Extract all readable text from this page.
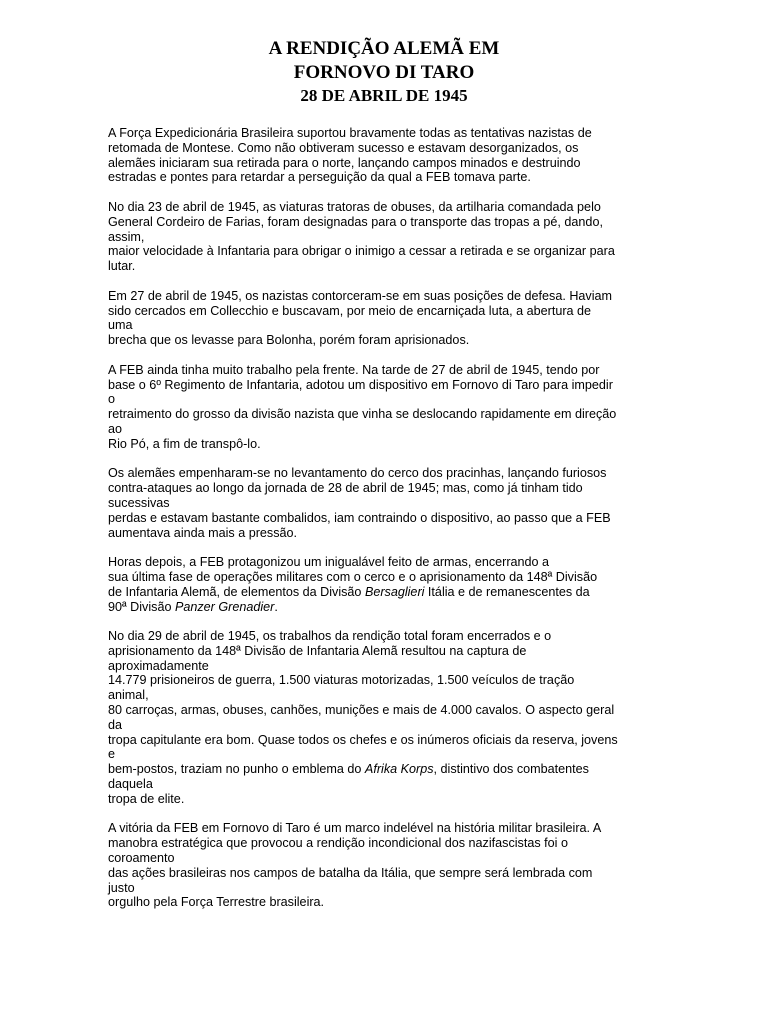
A RENDIÇÃO ALEMÃ EM
FORNOVO DI TARO
28 DE ABRIL DE 1945

A Força Expedicionária Brasileira suportou bravamente todas as tentativas nazistas de
retomada de Montese. Como não obtiveram sucesso e estavam desorganizados, os
alemães iniciaram sua retirada para o norte, lançando campos minados e destruindo
estradas e pontes para retardar a perseguição da qual a FEB tomava parte.

No dia 23 de abril de 1945, as viaturas tratoras de obuses, da artilharia comandada pelo
General Cordeiro de Farias, foram designadas para o transporte das tropas a pé, dando,
assim,
maior velocidade à Infantaria para obrigar o inimigo a cessar a retirada e se organizar para
lutar.

Em 27 de abril de 1945, os nazistas contorceram-se em suas posições de defesa. Haviam
sido cercados em Collecchio e buscavam, por meio de encarniçada luta, a abertura de
uma
brecha que os levasse para Bolonha, porém foram aprisionados.

A FEB ainda tinha muito trabalho pela frente. Na tarde de 27 de abril de 1945, tendo por
base o 6º Regimento de Infantaria, adotou um dispositivo em Fornovo di Taro para impedir
o
retraimento do grosso da divisão nazista que vinha se deslocando rapidamente em direção
ao
Rio Pó, a fim de transpô-lo.

Os alemães empenharam-se no levantamento do cerco dos pracinhas, lançando furiosos
contra-ataques ao longo da jornada de 28 de abril de 1945; mas, como já tinham tido
sucessivas
perdas e estavam bastante combalidos, iam contraindo o dispositivo, ao passo que a FEB
aumentava ainda mais a pressão.

Horas depois, a FEB protagonizou um inigualável feito de armas, encerrando a
sua última fase de operações militares com o cerco e o aprisionamento da 148ª Divisão
de Infantaria Alemã, de elementos da Divisão Bersaglieri Itália e de remanescentes da
90ª Divisão Panzer Grenadier.

No dia 29 de abril de 1945, os trabalhos da rendição total foram encerrados e o
aprisionamento da 148ª Divisão de Infantaria Alemã resultou na captura de
aproximadamente
14.779 prisioneiros de guerra, 1.500 viaturas motorizadas, 1.500 veículos de tração
animal,
80 carroças, armas, obuses, canhões, munições e mais de 4.000 cavalos. O aspecto geral
da
tropa capitulante era bom. Quase todos os chefes e os inúmeros oficiais da reserva, jovens
e
bem-postos, traziam no punho o emblema do Afrika Korps, distintivo dos combatentes
daquela
tropa de elite.

A vitória da FEB em Fornovo di Taro é um marco indelével na história militar brasileira. A
manobra estratégica que provocou a rendição incondicional dos nazifascistas foi o
coroamento
das ações brasileiras nos campos de batalha da Itália, que sempre será lembrada com
justo
orgulho pela Força Terrestre brasileira.
